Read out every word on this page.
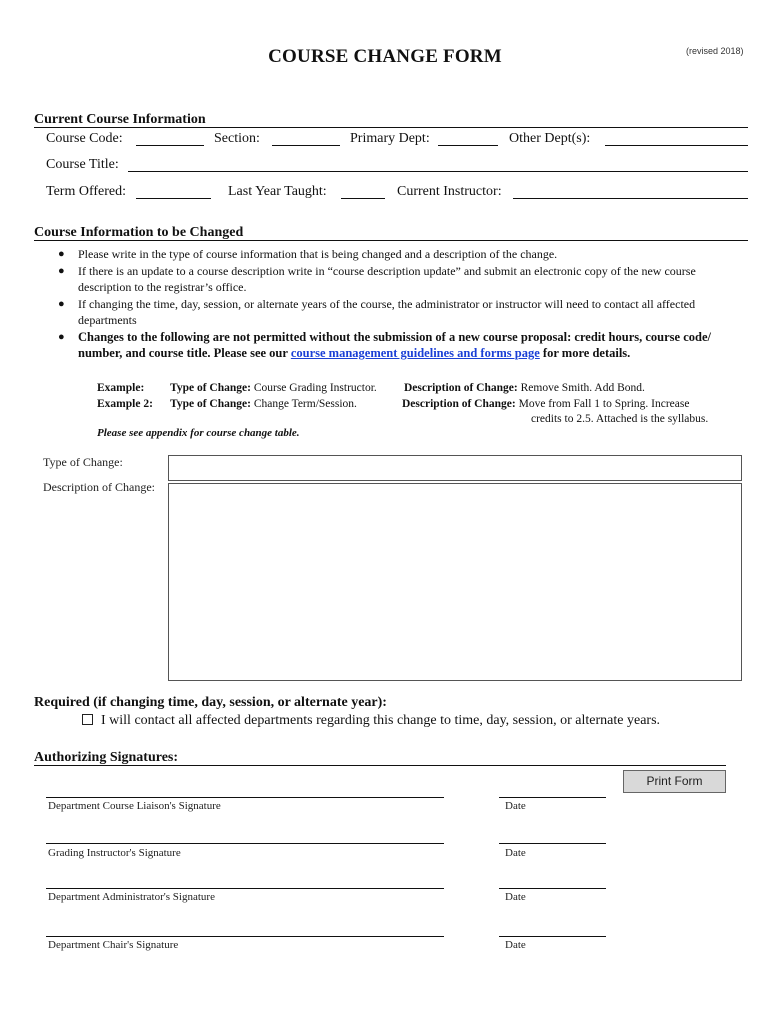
COURSE CHANGE FORM	(revised 2018)
Current Course Information
Course Code:	Section:	Primary Dept:	Other Dept(s):
Course Title:
Term Offered:	Last Year Taught:	Current Instructor:
Course Information to be Changed
● Please write in the type of course information that is being changed and a description of the change.
● If there is an update to a course description write in “course description update” and submit an electronic copy of the new course description to the registrar’s office.
● If changing the time, day, session, or alternate years of the course, the administrator or instructor will need to contact all affected departments
● Changes to the following are not permitted without the submission of a new course proposal: credit hours, course code/ number, and course title. Please see our course management guidelines and forms page for more details.
Example: Type of Change: Course Grading Instructor. Description of Change: Remove Smith. Add Bond.
Example 2: Type of Change: Change Term/Session.	Description of Change: Move from Fall 1 to Spring. Increase
credits to 2.5. Attached is the syllabus.
Please see appendix for course change table.
Type of Change:
Description of Change:
Required (if changing time, day, session, or alternate year):
I will contact all affected departments regarding this change to time, day, session, or alternate years.
Authorizing Signatures:
Print Form
Department Course Liaison's Signature	Date
Grading Instructor's Signature	Date
Department Administrator's Signature	Date
Department Chair's Signature	Date
